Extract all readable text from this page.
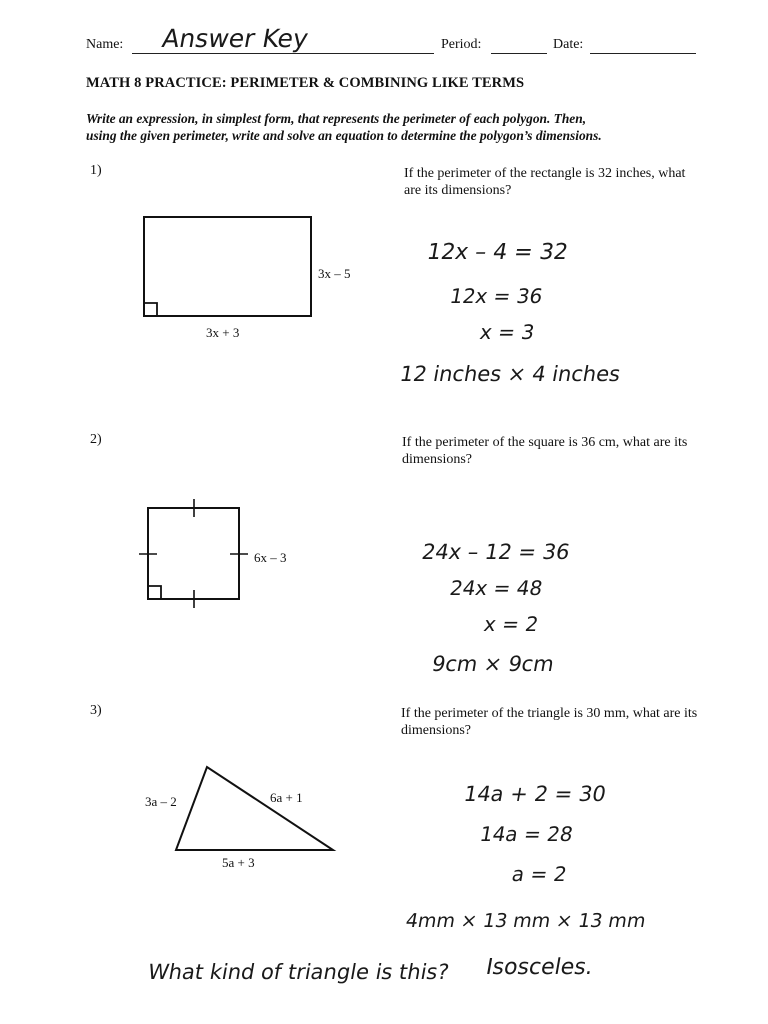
Name: Answer Key	Period:	Date:
MATH 8 PRACTICE: PERIMETER & COMBINING LIKE TERMS
Write an expression, in simplest form, that represents the perimeter of each polygon. Then,
using the given perimeter, write and solve an equation to determine the polygon’s dimensions.
1)	If the perimeter of the rectangle is 32 inches, what are its dimensions?
3x – 5
3x + 3
12x – 4 = 32
12x = 36
x = 3
12 inches × 4 inches
2)	If the perimeter of the square is 36 cm, what are its dimensions?
6x – 3	24x – 12 = 36
24x = 48
x = 2
9cm × 9cm
3)	If the perimeter of the triangle is 30 mm, what are its dimensions?
3a – 2	6a + 1
5a + 3
14a + 2 = 30
14a = 28
a = 2
4mm × 13 mm × 13 mm
What kind of triangle is this? Isosceles.
